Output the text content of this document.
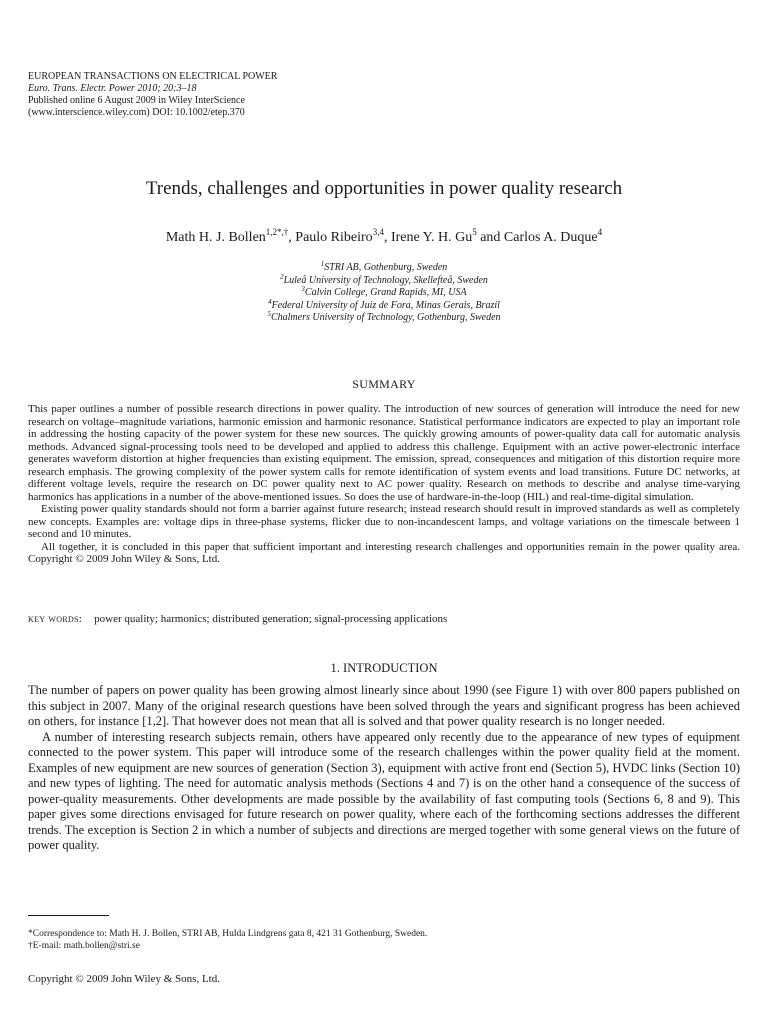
EUROPEAN TRANSACTIONS ON ELECTRICAL POWER
Euro. Trans. Electr. Power 2010; 20:3–18
Published online 6 August 2009 in Wiley InterScience
(www.interscience.wiley.com) DOI: 10.1002/etep.370
Trends, challenges and opportunities in power quality research
Math H. J. Bollen$^{1,2*,\dagger}$, Paulo Ribeiro$^{3,4}$, Irene Y. H. Gu$^5$ and Carlos A. Duque$^4$
$^1$STRI AB, Gothenburg, Sweden
$^2$Luleå University of Technology, Skellefteå, Sweden
$^3$Calvin College, Grand Rapids, MI, USA
$^4$Federal University of Juiz de Fora, Minas Gerais, Brazil
$^5$Chalmers University of Technology, Gothenburg, Sweden
SUMMARY

This paper outlines a number of possible research directions in power quality. The introduction of new sources of generation will introduce the need for new research on voltage–magnitude variations, harmonic emission and harmonic resonance. Statistical performance indicators are expected to play an important role in addressing the hosting capacity of the power system for these new sources. The quickly growing amounts of power-quality data call for automatic analysis methods. Advanced signal-processing tools need to be developed and applied to address this challenge. Equipment with an active power-electronic interface generates waveform distortion at higher frequencies than existing equipment. The emission, spread, consequences and mitigation of this distortion require more research emphasis. The growing complexity of the power system calls for remote identification of system events and load transitions. Future DC networks, at different voltage levels, require the research on DC power quality next to AC power quality. Research on methods to describe and analyse time-varying harmonics has applications in a number of the above-mentioned issues. So does the use of hardware-in-the-loop (HIL) and real-time-digital simulation.

Existing power quality standards should not form a barrier against future research; instead research should result in improved standards as well as completely new concepts. Examples are: voltage dips in three-phase systems, flicker due to non-incandescent lamps, and voltage variations on the timescale between 1 second and 10 minutes.

All together, it is concluded in this paper that sufficient important and interesting research challenges and opportunities remain in the power quality area. Copyright © 2009 John Wiley & Sons, Ltd.

key words: power quality; harmonics; distributed generation; signal-processing applications
1. INTRODUCTION

The number of papers on power quality has been growing almost linearly since about 1990 (see Figure 1) with over 800 papers published on this subject in 2007. Many of the original research questions have been solved through the years and significant progress has been achieved on others, for instance [1,2]. That however does not mean that all is solved and that power quality research is no longer needed.

A number of interesting research subjects remain, others have appeared only recently due to the appearance of new types of equipment connected to the power system. This paper will introduce some of the research challenges within the power quality field at the moment. Examples of new equipment are new sources of generation (Section 3), equipment with active front end (Section 5), HVDC links (Section 10) and new types of lighting. The need for automatic analysis methods (Sections 4 and 7) is on the other hand a consequence of the success of power-quality measurements. Other developments are made possible by the availability of fast computing tools (Sections 6, 8 and 9). This paper gives some directions envisaged for future research on power quality, where each of the forthcoming sections addresses the different trends. The exception is Section 2 in which a number of subjects and directions are merged together with some general views on the future of power quality.

*Correspondence to: Math H. J. Bollen, STRI AB, Hulda Lindgrens gata 8, 421 31 Gothenburg, Sweden.
†E-mail: math.bollen@stri.se
Copyright © 2009 John Wiley & Sons, Ltd.
